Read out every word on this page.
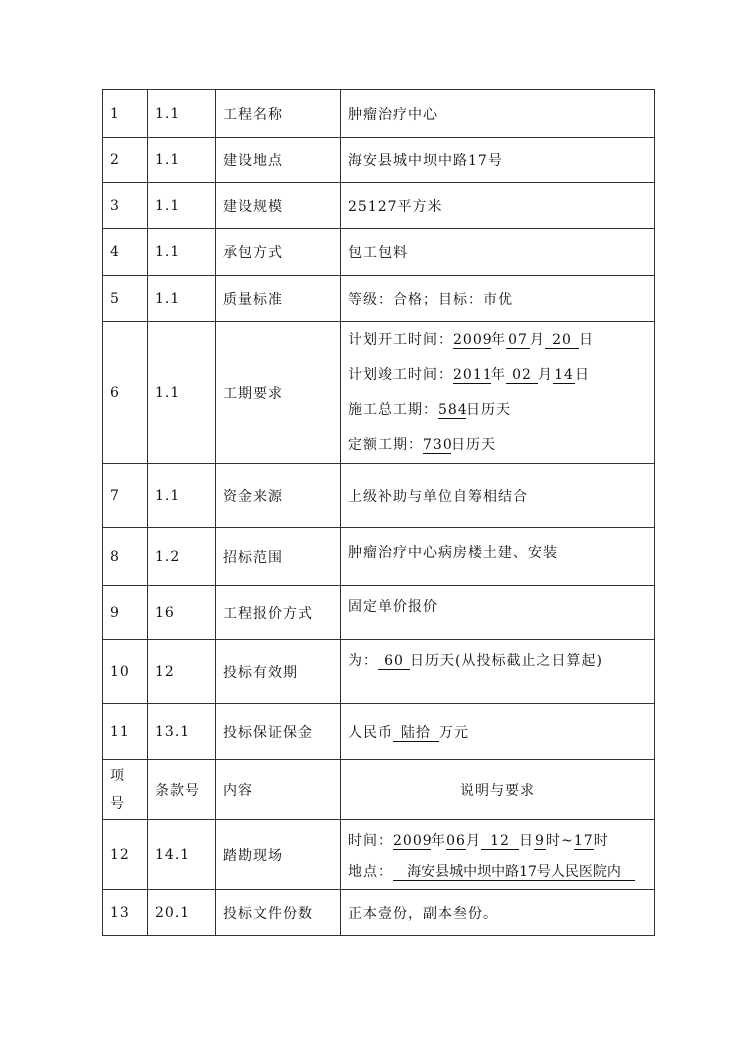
1	1.1	工程名称	肿瘤治疗中心
2	1.1	建设地点	海安县城中坝中路17号
3	1.1	建设规模	25127平方米
4	1.1	承包方式	包工包料
5	1.1	质量标准	等级：合格；目标：市优
6	1.1	工期要求	计划开工时间：2009年 07 月 20 日
计划竣工时间：2011年 02 月14日
施工总工期：584日历天
定额工期：730日历天

7	1.1	资金来源	上级补助与单位自筹相结合
8	1.2	招标范围	肿瘤治疗中心病房楼土建、安装
9	16	工程报价方式	固定单价报价
10	12	投标有效期	为： 60 日历天(从投标截止之日算起)
11	13.1	投标保证保金	人民币 陆拾 万元

项
号	条款号	内容	说明与要求
12	14.1	踏勘现场	时间：2009年06月 12 日9时~17时
地点： 海安县城中坝中路17号人民医院内

13	20.1	投标文件份数	正本壹份，副本叁份。
